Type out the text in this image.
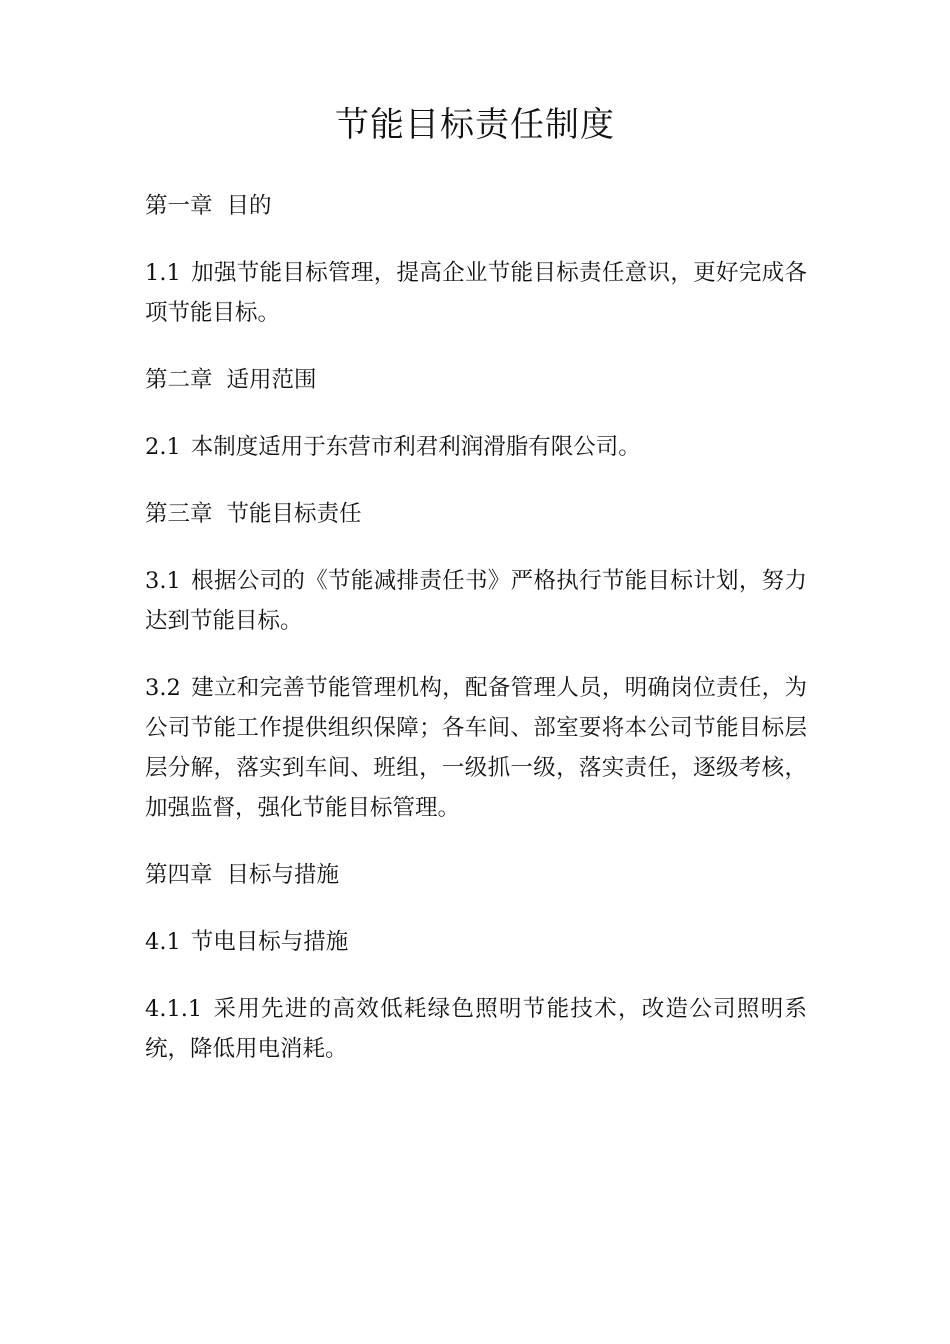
节能目标责任制度

第一章 目的

1.1 加强节能目标管理，提高企业节能目标责任意识，更好完成各项节能目标。

第二章 适用范围

2.1 本制度适用于东营市利君利润滑脂有限公司。

第三章 节能目标责任

3.1 根据公司的《节能减排责任书》严格执行节能目标计划，努力达到节能目标。

3.2 建立和完善节能管理机构，配备管理人员，明确岗位责任，为公司节能工作提供组织保障；各车间、部室要将本公司节能目标层层分解，落实到车间、班组，一级抓一级，落实责任，逐级考核，加强监督，强化节能目标管理。

第四章 目标与措施

4.1 节电目标与措施

4.1.1 采用先进的高效低耗绿色照明节能技术，改造公司照明系统，降低用电消耗。
